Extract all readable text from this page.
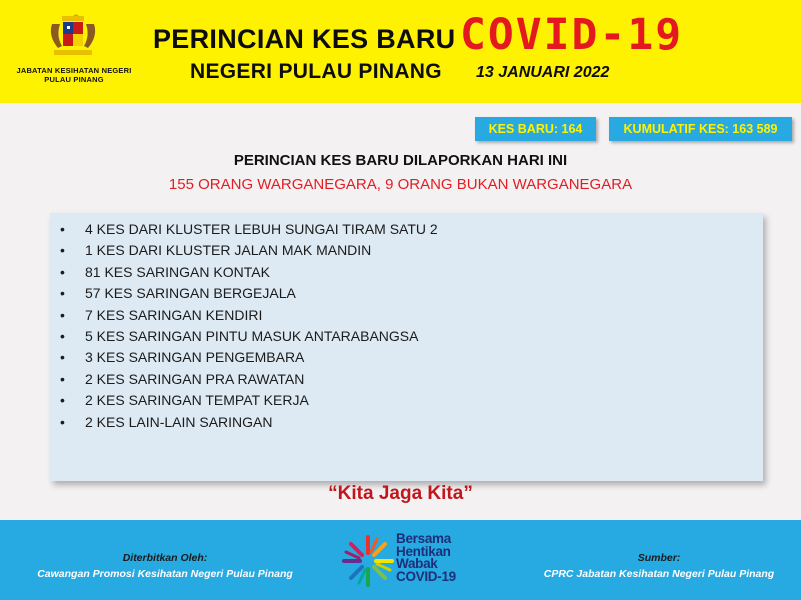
JABATAN KESIHATAN NEGERI PULAU PINANG
PERINCIAN KES BARU COVID-19
NEGERI PULAU PINANG 13 JANUARI 2022
KES BARU: 164	KUMULATIF KES: 163 589
PERINCIAN KES BARU DILAPORKAN HARI INI
155 ORANG WARGANEGARA, 9 ORANG BUKAN WARGANEGARA
•	4 KES DARI KLUSTER LEBUH SUNGAI TIRAM SATU 2
•	1 KES DARI KLUSTER JALAN MAK MANDIN
•	81 KES SARINGAN KONTAK
•	57 KES SARINGAN BERGEJALA
•	7 KES SARINGAN KENDIRI
•	5 KES SARINGAN PINTU MASUK ANTARABANGSA
•	3 KES SARINGAN PENGEMBARA
•	2 KES SARINGAN PRA RAWATAN
•	2 KES SARINGAN TEMPAT KERJA
•	2 KES LAIN-LAIN SARINGAN
“Kita Jaga Kita”
Diterbitkan Oleh:
Cawangan Promosi Kesihatan Negeri Pulau Pinang
Sumber:
CPRC Jabatan Kesihatan Negeri Pulau Pinang
Bersama
Hentikan
Wabak
COVID-19
